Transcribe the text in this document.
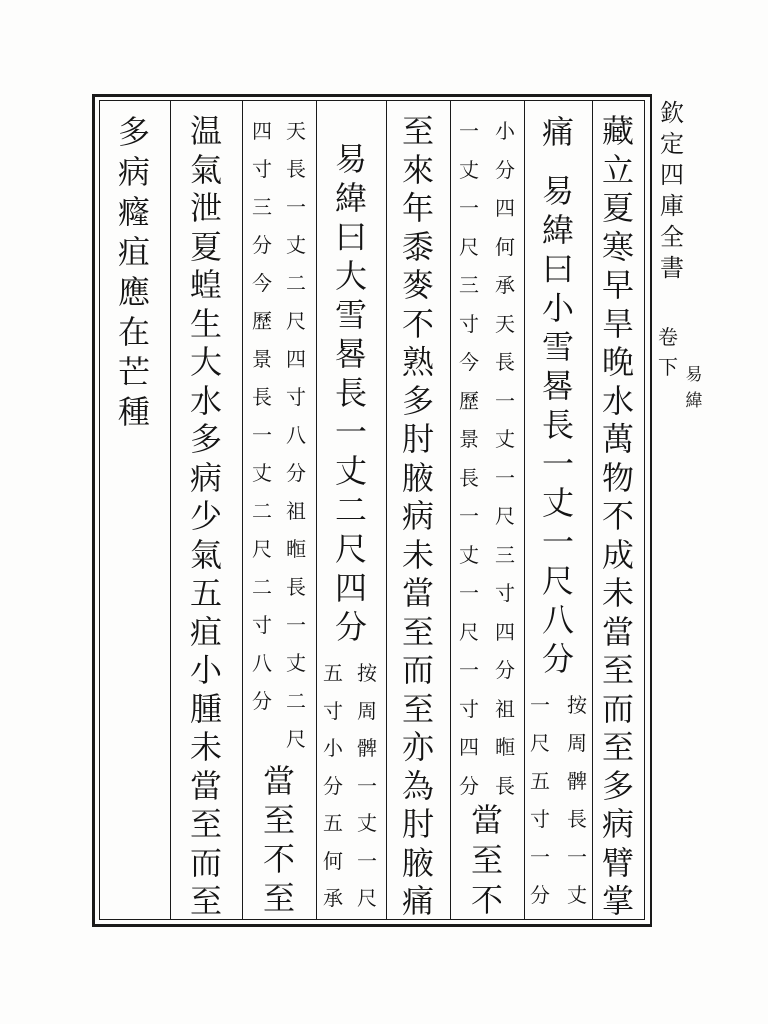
欽
定
四
庫
全
書
卷
下 易
緯
藏
立
夏
寒
早
旱
晚
水
萬
物
不
成
未
當
至
而
至
多
病
臂
掌
痛
易
緯
曰
小
雪
晷
長
一
丈
一
尺
八
分
按
周
髀
長
一
丈
一
尺
五
寸
一
分
小
分
四
何
承
天
長
一
丈
一
尺
三
寸
四
分
祖
暅
長
一
丈
一
尺
三
寸
今
歷
景
長
一
丈
一
尺
一
寸
四
分
當
至
不
至
來
年
黍
麥
不
熟
多
肘
腋
病
未
當
至
而
至
亦
為
肘
腋
痛
易
緯
曰
大
雪
晷
長
一
丈
二
尺
四
分
按
周
髀
一
丈
一
尺
五
寸
小
分
五
何
承
天
長
一
丈
二
尺
四
寸
八
分
祖
暅
長
一
丈
二
尺
四
寸
三
分
今
歷
景
長
一
丈
二
尺
二
寸
八
分
當
至
不
至
温
氣
泄
夏
蝗
生
大
水
多
病
少
氣
五
疽
小
腫
未
當
至
而
至
多
病
癃
疽
應
在
芒
種
